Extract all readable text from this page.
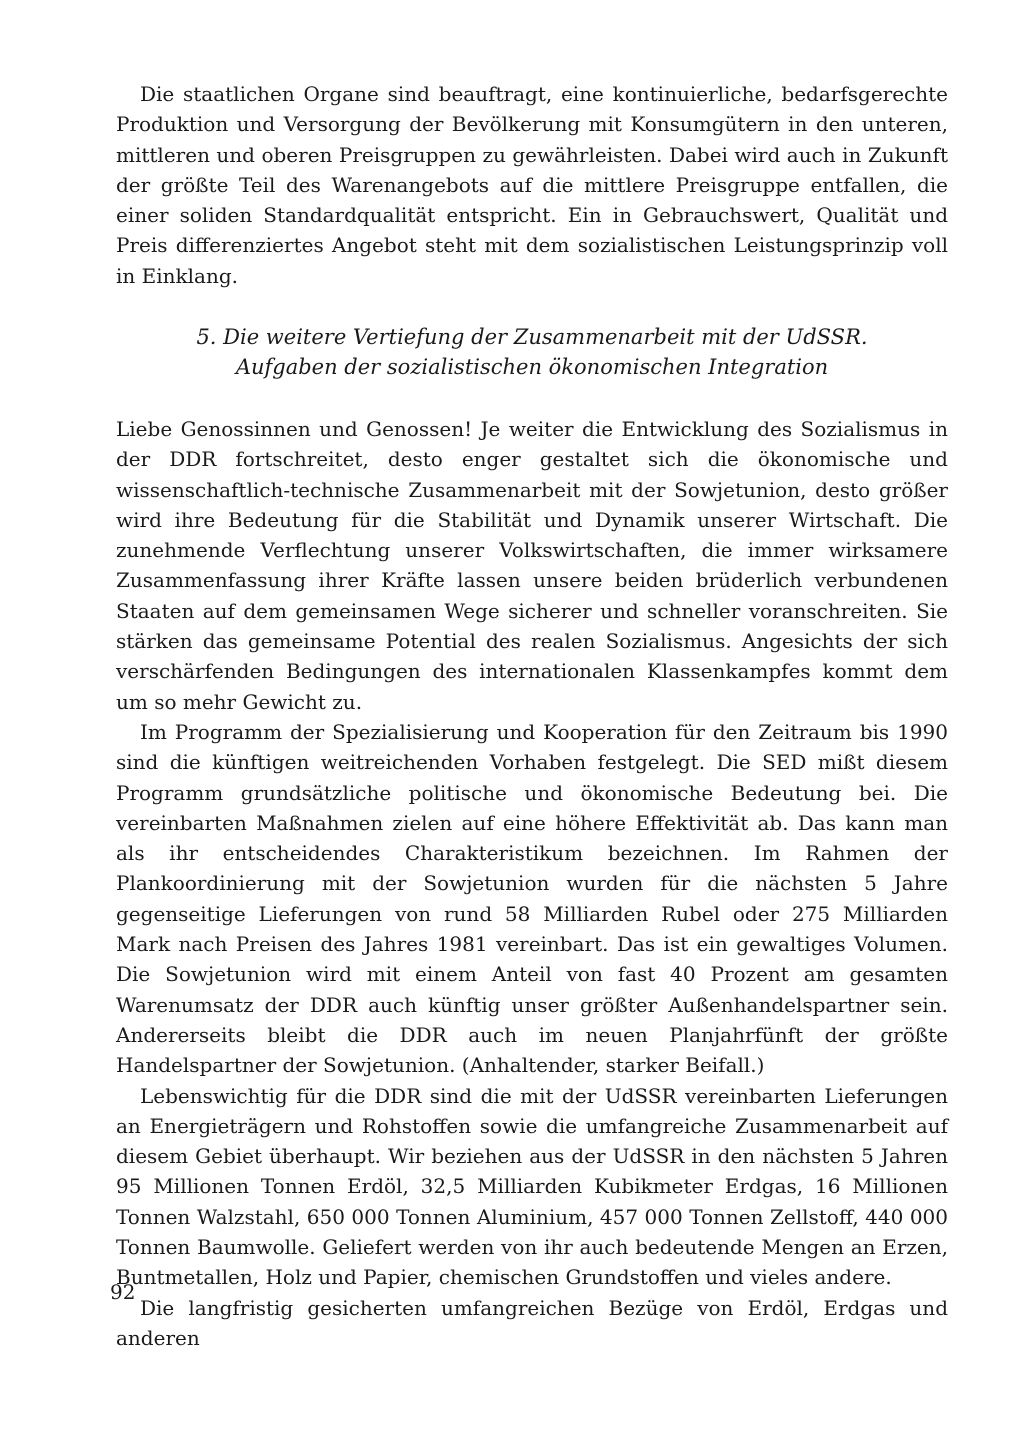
Die staatlichen Organe sind beauftragt, eine kontinuierliche, bedarfsgerechte Produktion und Versorgung der Bevölkerung mit Konsumgütern in den unteren, mittleren und oberen Preisgruppen zu gewährleisten. Dabei wird auch in Zukunft der größte Teil des Warenangebots auf die mittlere Preisgruppe entfallen, die einer soliden Standardqualität entspricht. Ein in Gebrauchswert, Qualität und Preis differenziertes Angebot steht mit dem sozialistischen Leistungsprinzip voll in Einklang.

5. Die weitere Vertiefung der Zusammenarbeit mit der UdSSR.
Aufgaben der sozialistischen ökonomischen Integration

Liebe Genossinnen und Genossen! Je weiter die Entwicklung des Sozialismus in der DDR fortschreitet, desto enger gestaltet sich die ökonomische und wissenschaftlich-technische Zusammenarbeit mit der Sowjetunion, desto größer wird ihre Bedeutung für die Stabilität und Dynamik unserer Wirtschaft. Die zunehmende Verflechtung unserer Volkswirtschaften, die immer wirksamere Zusammenfassung ihrer Kräfte lassen unsere beiden brüderlich verbundenen Staaten auf dem gemeinsamen Wege sicherer und schneller voranschreiten. Sie stärken das gemeinsame Potential des realen Sozialismus. Angesichts der sich verschärfenden Bedingungen des internationalen Klassenkampfes kommt dem um so mehr Gewicht zu.

Im Programm der Spezialisierung und Kooperation für den Zeitraum bis 1990 sind die künftigen weitreichenden Vorhaben festgelegt. Die SED mißt diesem Programm grundsätzliche politische und ökonomische Bedeutung bei. Die vereinbarten Maßnahmen zielen auf eine höhere Effektivität ab. Das kann man als ihr entscheidendes Charakteristikum bezeichnen. Im Rahmen der Plankoordinierung mit der Sowjetunion wurden für die nächsten 5 Jahre gegenseitige Lieferungen von rund 58 Milliarden Rubel oder 275 Milliarden Mark nach Preisen des Jahres 1981 vereinbart. Das ist ein gewaltiges Volumen. Die Sowjetunion wird mit einem Anteil von fast 40 Prozent am gesamten Warenumsatz der DDR auch künftig unser größter Außenhandelspartner sein. Andererseits bleibt die DDR auch im neuen Planjahrfünft der größte Handelspartner der Sowjetunion. (Anhaltender, starker Beifall.)

Lebenswichtig für die DDR sind die mit der UdSSR vereinbarten Lieferungen an Energieträgern und Rohstoffen sowie die umfangreiche Zusammenarbeit auf diesem Gebiet überhaupt. Wir beziehen aus der UdSSR in den nächsten 5 Jahren 95 Millionen Tonnen Erdöl, 32,5 Milliarden Kubikmeter Erdgas, 16 Millionen Tonnen Walzstahl, 650 000 Tonnen Aluminium, 457 000 Tonnen Zellstoff, 440 000 Tonnen Baumwolle. Geliefert werden von ihr auch bedeutende Mengen an Erzen, Buntmetallen, Holz und Papier, chemischen Grundstoffen und vieles andere.

Die langfristig gesicherten umfangreichen Bezüge von Erdöl, Erdgas und anderen

92
